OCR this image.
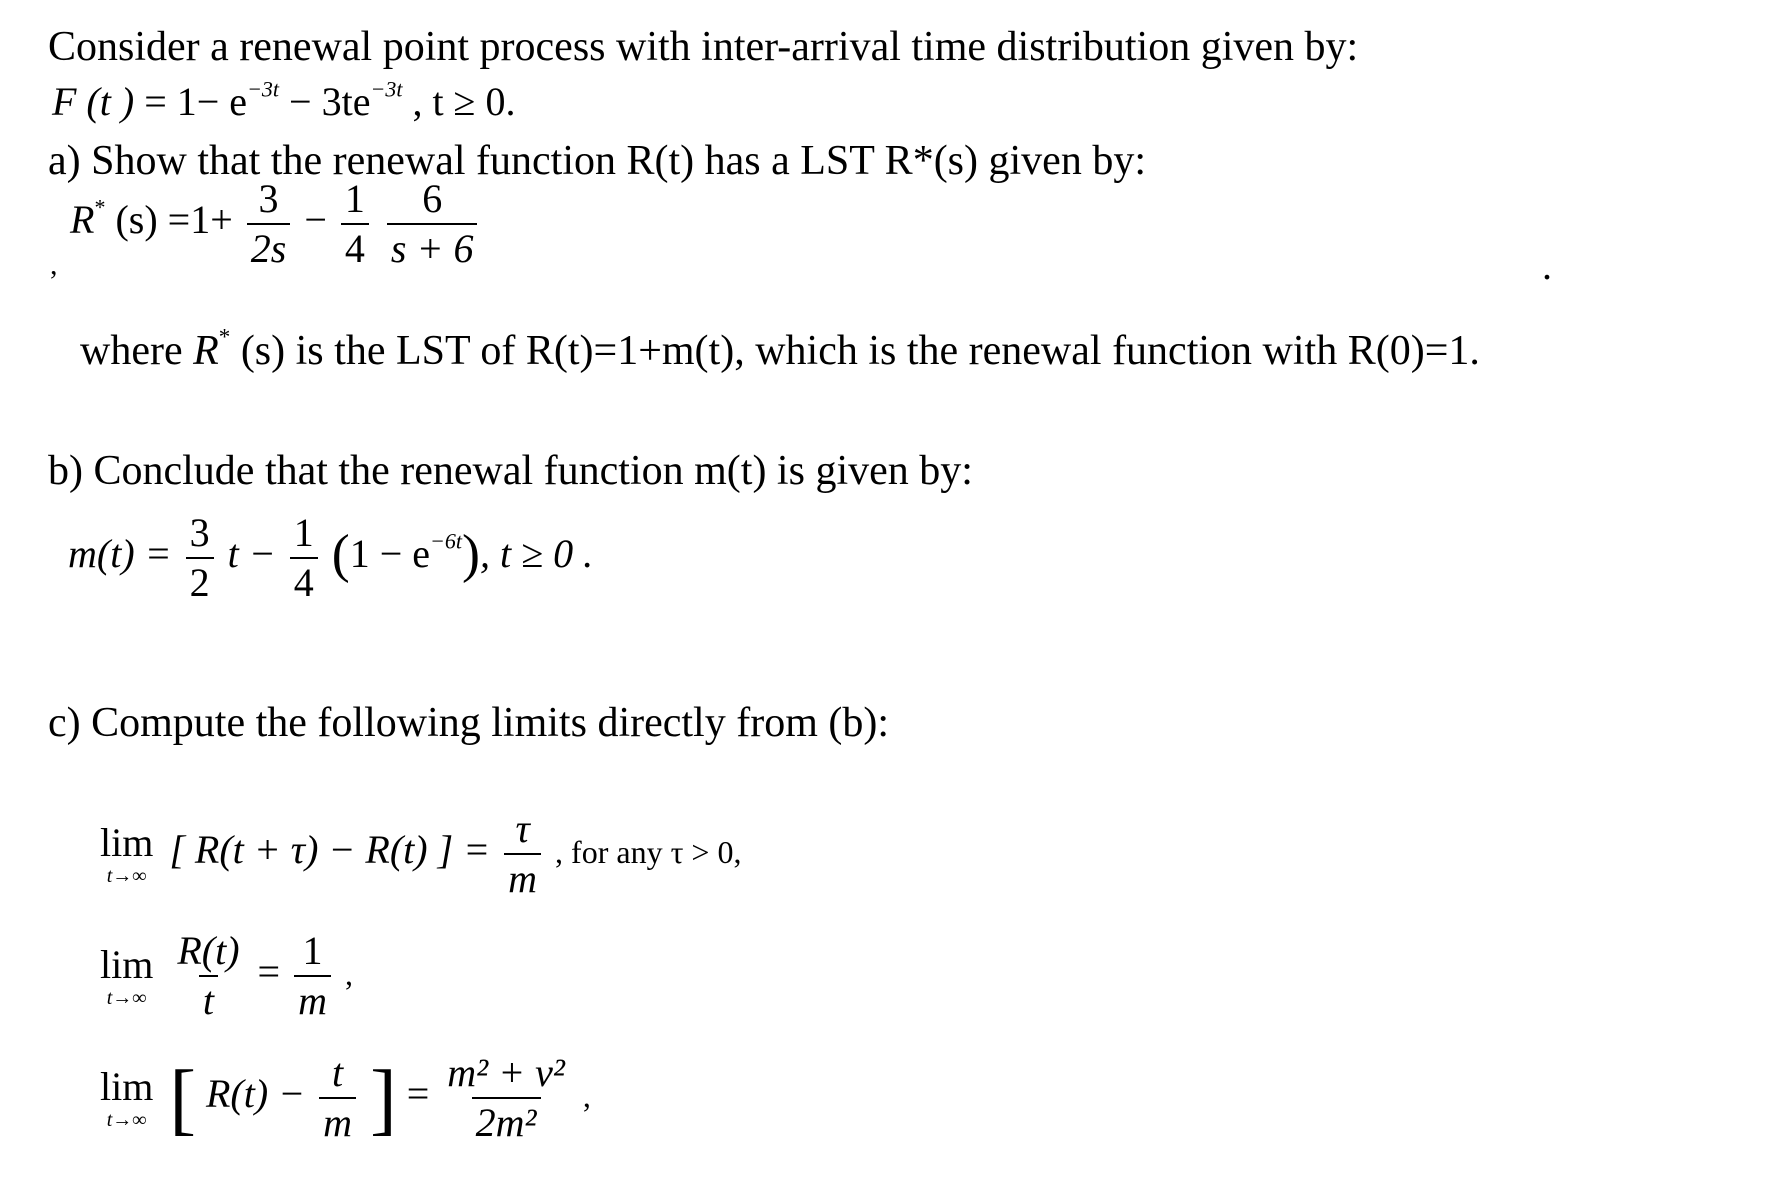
Consider a renewal point process with inter-arrival time distribution given by:
F (t ) = $1- e^{-3t} - 3te^{-3t}$ , t ≥ 0.
a) Show that the renewal function R(t) has a LST R*(s) given by:
R* $(s) =1+ \frac{3}{2s} - \frac{1}{4}$
$\frac{6}{s + 6}$
,	.
where R* (s) is the LST of R(t)=1+m(t), which is the renewal function with R(0)=1.
b) Conclude that the renewal function m(t) is given by:
$m(t) = \frac{3}{2}$ $t - \frac{1}{4} (1 - e^{-6t})$, t ≥ 0 .
c) Compute the following limits directly from (b):
lim
t→∞
[ R(t + τ) − R(t) ] = $\frac{\tau}{m}$ , for any τ > 0,
lim
t→∞
$\frac{R(t)}{t} = \frac{1}{m}$ ,
lim
t→∞ [ $R(t) - \frac{t}{m}$ ] = $\frac{\text{m² + v²}}{\text{2m²}}$ ,
